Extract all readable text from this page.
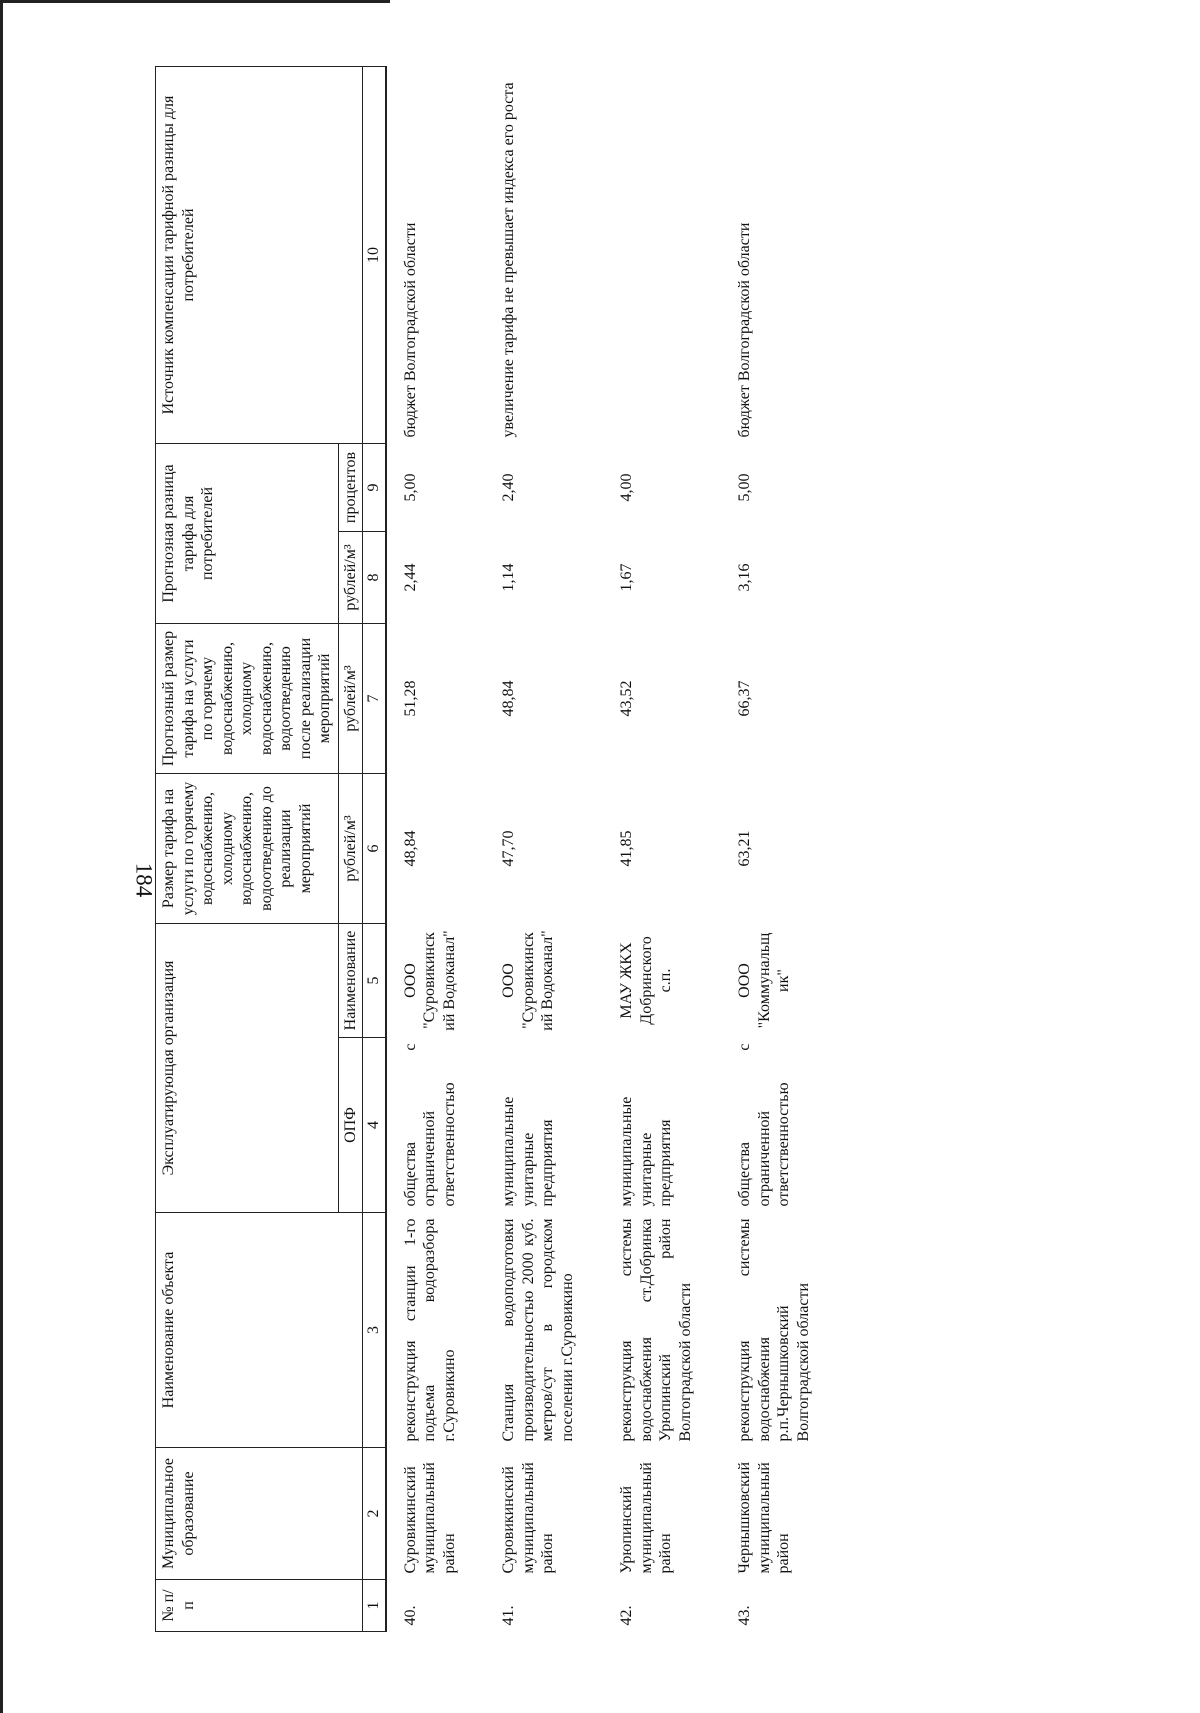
184
№ п/п	Муниципальное образование	Наименование объекта	Эксплуатирующая организация		Размер тарифа на услуги по горячему водоснабжению, холодному водоснабжению, водоотведению до реализации мероприятий	Прогнозный размер тарифа на услуги по горячему водоснабжению, холодному водоснабжению, водоотведению после реализации мероприятий	Прогнозная разница тарифа для потребителей		Источник компенсации тарифной разницы для потребителей
			ОПФ	Наименование	рублей/м³	рублей/м³	рублей/м³	процентов	
1	2	3	4	5	6	7	8	9	10
40.	Суровикинский муниципальный район	реконструкция станции 1-го подъема водоразбора г.Суровикино	общества с ограниченной ответственностью	ООО "Суровикинский Водоканал"	48,84	51,28	2,44	5,00	бюджет Волгоградской области
41.	Суровикинский муниципальный район	Станция водоподготовки производительностью 2000 куб. метров/сут в городском поселении г.Суровикино	муниципальные унитарные предприятия	ООО "Суровикинский Водоканал"	47,70	48,84	1,14	2,40	увеличение тарифа не превышает индекса его роста
42.	Урюпинский муниципальный район	реконструкция системы водоснабжения ст.Добринка Урюпинский район Волгоградской области	муниципальные унитарные предприятия	МАУ ЖКХ Добринского с.п.	41,85	43,52	1,67	4,00	
43.	Чернышковский муниципальный район	реконструкция системы водоснабжения р.п.Чернышковский Волгоградской области	общества с ограниченной ответственностью	ООО "Коммунальщик"	63,21	66,37	3,16	5,00	бюджет Волгоградской области
